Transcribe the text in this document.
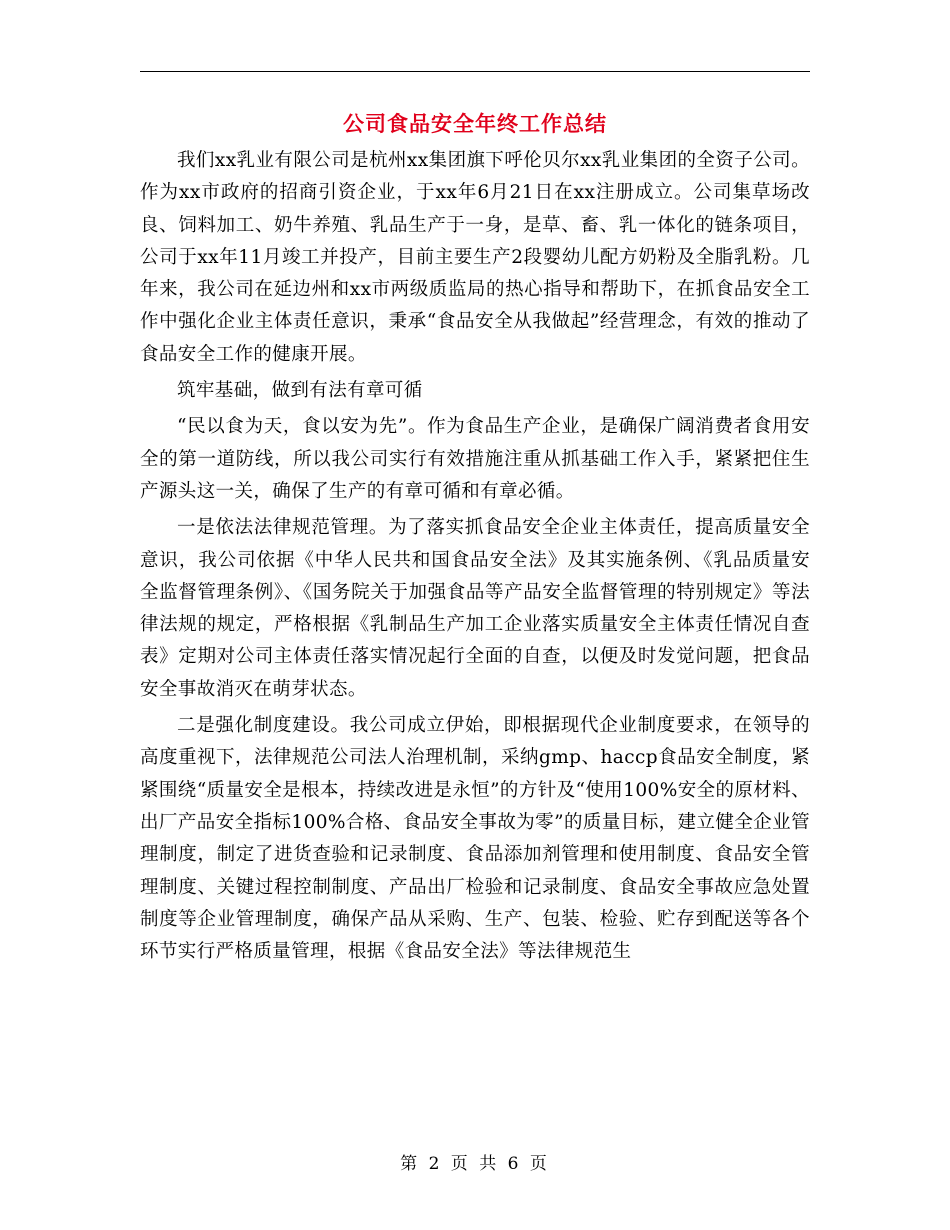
公司食品安全年终工作总结

我们xx乳业有限公司是杭州xx集团旗下呼伦贝尔xx乳业集团的全资子公司。作为xx市政府的招商引资企业，于xx年6月21日在xx注册成立。公司集草场改良、饲料加工、奶牛养殖、乳品生产于一身，是草、畜、乳一体化的链条项目，公司于xx年11月竣工并投产，目前主要生产2段婴幼儿配方奶粉及全脂乳粉。几年来，我公司在延边州和xx市两级质监局的热心指导和帮助下，在抓食品安全工作中强化企业主体责任意识，秉承“食品安全从我做起”经营理念，有效的推动了食品安全工作的健康开展。

筑牢基础，做到有法有章可循

“民以食为天，食以安为先”。作为食品生产企业，是确保广阔消费者食用安全的第一道防线，所以我公司实行有效措施注重从抓基础工作入手，紧紧把住生产源头这一关，确保了生产的有章可循和有章必循。

一是依法法律规范管理。为了落实抓食品安全企业主体责任，提高质量安全意识，我公司依据《中华人民共和国食品安全法》及其实施条例、《乳品质量安全监督管理条例》、《国务院关于加强食品等产品安全监督管理的特别规定》等法律法规的规定，严格根据《乳制品生产加工企业落实质量安全主体责任情况自查表》定期对公司主体责任落实情况起行全面的自查，以便及时发觉问题，把食品安全事故消灭在萌芽状态。

二是强化制度建设。我公司成立伊始，即根据现代企业制度要求，在领导的高度重视下，法律规范公司法人治理机制，采纳gmp、haccp食品安全制度，紧紧围绕“质量安全是根本，持续改进是永恒”的方针及“使用100%安全的原材料、出厂产品安全指标100%合格、食品安全事故为零”的质量目标，建立健全企业管理制度，制定了进货查验和记录制度、食品添加剂管理和使用制度、食品安全管理制度、关键过程控制制度、产品出厂检验和记录制度、食品安全事故应急处置制度等企业管理制度，确保产品从采购、生产、包装、检验、贮存到配送等各个环节实行严格质量管理，根据《食品安全法》等法律规范生

第 2 页 共 6 页
